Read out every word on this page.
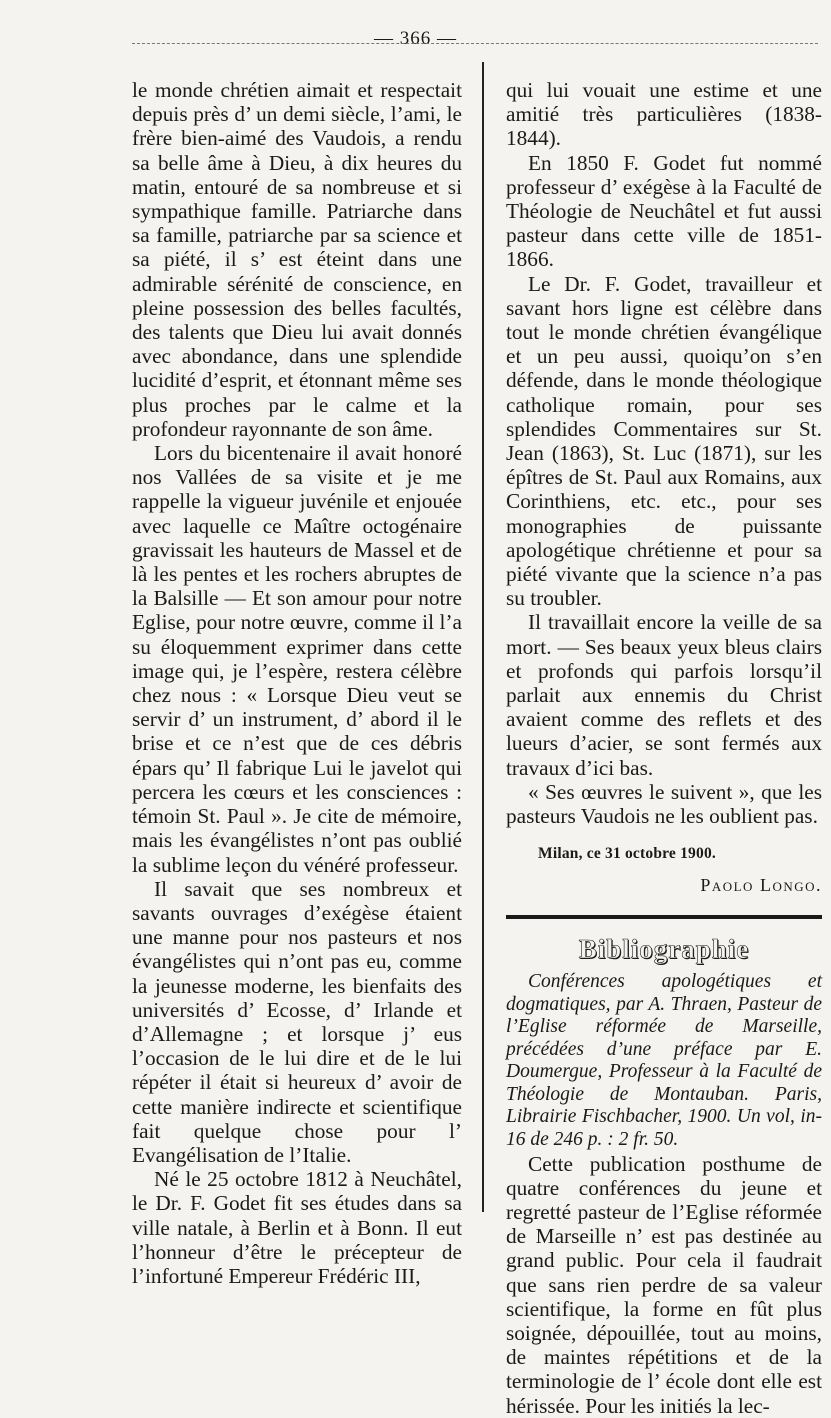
— 366 —

le monde chrétien aimait et respectait depuis près d’ un demi siècle, l’ami, le frère bien-aimé des Vaudois, a rendu sa belle âme à Dieu, à dix heures du matin, entouré de sa nombreuse et si sympathique famille. Patriarche dans sa famille, patriarche par sa science et sa piété, il s’ est éteint dans une admirable sérénité de conscience, en pleine possession des belles facultés, des talents que Dieu lui avait donnés avec abondance, dans une splendide lucidité d’esprit, et étonnant même ses plus proches par le calme et la profondeur rayonnante de son âme.

Lors du bicentenaire il avait honoré nos Vallées de sa visite et je me rappelle la vigueur juvénile et enjouée avec laquelle ce Maître octogénaire gravissait les hauteurs de Massel et de là les pentes et les rochers abruptes de la Balsille — Et son amour pour notre Eglise, pour notre œuvre, comme il l’a su éloquemment exprimer dans cette image qui, je l’espère, restera célèbre chez nous : « Lorsque Dieu veut se servir d’ un instrument, d’ abord il le brise et ce n’est que de ces débris épars qu’ Il fabrique Lui le javelot qui percera les cœurs et les consciences : témoin St. Paul ». Je cite de mémoire, mais les évangélistes n’ont pas oublié la sublime leçon du vénéré professeur.

Il savait que ses nombreux et savants ouvrages d’exégèse étaient une manne pour nos pasteurs et nos évangélistes qui n’ont pas eu, comme la jeunesse moderne, les bienfaits des universités d’ Ecosse, d’ Irlande et d’Allemagne ; et lorsque j’ eus l’occasion de le lui dire et de le lui répéter il était si heureux d’ avoir de cette manière indirecte et scientifique fait quelque chose pour l’ Evangélisation de l’Italie.

Né le 25 octobre 1812 à Neuchâtel, le Dr. F. Godet fit ses études dans sa ville natale, à Berlin et à Bonn. Il eut l’honneur d’être le précepteur de l’infortuné Empereur Frédéric III,

qui lui vouait une estime et une amitié très particulières (1838-1844).

En 1850 F. Godet fut nommé professeur d’ exégèse à la Faculté de Théologie de Neuchâtel et fut aussi pasteur dans cette ville de 1851-1866.

Le Dr. F. Godet, travailleur et savant hors ligne est célèbre dans tout le monde chrétien évangélique et un peu aussi, quoiqu’on s’en défende, dans le monde théologique catholique romain, pour ses splendides Commentaires sur St. Jean (1863), St. Luc (1871), sur les épîtres de St. Paul aux Romains, aux Corinthiens, etc. etc., pour ses monographies de puissante apologétique chrétienne et pour sa piété vivante que la science n’a pas su troubler.

Il travaillait encore la veille de sa mort. — Ses beaux yeux bleus clairs et profonds qui parfois lorsqu’il parlait aux ennemis du Christ avaient comme des reflets et des lueurs d’acier, se sont fermés aux travaux d’ici bas.

« Ses œuvres le suivent », que les pasteurs Vaudois ne les oublient pas.

Milan, ce 31 octobre 1900.
Paolo Longo.
Bibliographie

Conférences apologétiques et dogmatiques, par A. Thraen, Pasteur de l’Eglise réformée de Marseille, précédées d’une préface par E. Doumergue, Professeur à la Faculté de Théologie de Montauban. Paris, Librairie Fischbacher, 1900. Un vol, in-16 de 246 p. : 2 fr. 50.

Cette publication posthume de quatre conférences du jeune et regretté pasteur de l’Eglise réformée de Marseille n’ est pas destinée au grand public. Pour cela il faudrait que sans rien perdre de sa valeur scientifique, la forme en fût plus soignée, dépouillée, tout au moins, de maintes répétitions et de la terminologie de l’ école dont elle est hérissée. Pour les initiés la lec-
